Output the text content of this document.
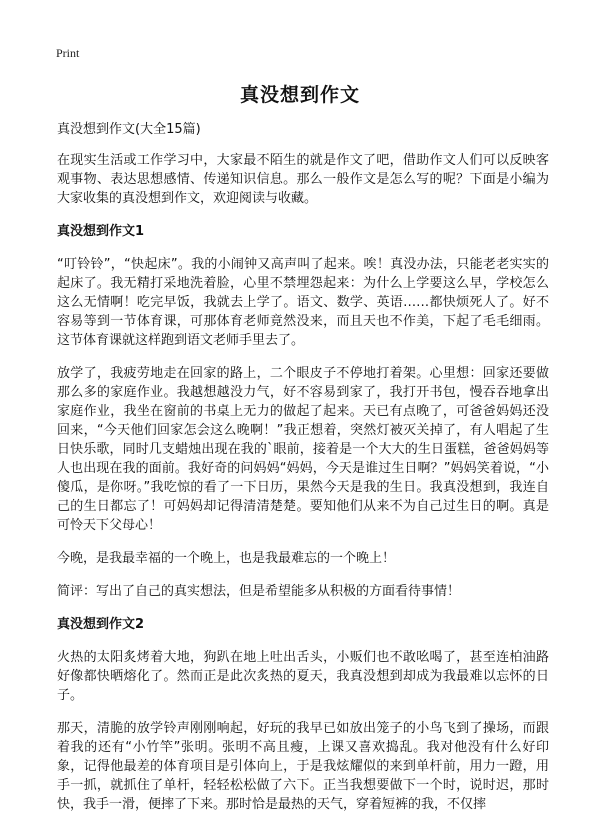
Print
真没想到作文

真没想到作文(大全15篇)

在现实生活或工作学习中，大家最不陌生的就是作文了吧，借助作文人们可以反映客观事物、表达思想感情、传递知识信息。那么一般作文是怎么写的呢？下面是小编为大家收集的真没想到作文，欢迎阅读与收藏。

真没想到作文1

“叮铃铃”，“快起床”。我的小闹钟又高声叫了起来。唉！真没办法，只能老老实实的起床了。我无精打采地洗着脸，心里不禁埋怨起来：为什么上学要这么早，学校怎么这么无情啊！吃完早饭，我就去上学了。语文、数学、英语……都快烦死人了。好不容易等到一节体育课，可那体育老师竟然没来，而且天也不作美，下起了毛毛细雨。这节体育课就这样跑到语文老师手里去了。

放学了，我疲劳地走在回家的路上，二个眼皮子不停地打着架。心里想：回家还要做那么多的家庭作业。我越想越没力气，好不容易到家了，我打开书包，慢吞吞地拿出家庭作业，我坐在窗前的书桌上无力的做起了起来。天已有点晚了，可爸爸妈妈还没回来，“今天他们回家怎会这么晚啊！”我正想着，突然灯被灭关掉了，有人唱起了生日快乐歌，同时几支蜡烛出现在我的`眼前，接着是一个大大的生日蛋糕，爸爸妈妈等人也出现在我的面前。我好奇的问妈妈“妈妈，今天是谁过生日啊？”妈妈笑着说，“小傻瓜，是你呀。”我吃惊的看了一下日历，果然今天是我的生日。我真没想到，我连自己的生日都忘了！可妈妈却记得清清楚楚。要知他们从来不为自己过生日的啊。真是可怜天下父母心！

今晚，是我最幸福的一个晚上，也是我最难忘的一个晚上！

简评：写出了自己的真实想法，但是希望能多从积极的方面看待事情！

真没想到作文2

火热的太阳炙烤着大地，狗趴在地上吐出舌头，小贩们也不敢吆喝了，甚至连柏油路好像都快晒熔化了。然而正是此次炙热的夏天，我真没想到却成为我最难以忘怀的日子。

那天，清脆的放学铃声刚刚响起，好玩的我早已如放出笼子的小鸟飞到了操场，而跟着我的还有“小竹竿”张明。张明不高且瘦，上课又喜欢捣乱。我对他没有什么好印象，记得他最差的体育项目是引体向上，于是我炫耀似的来到单杆前，用力一蹬，用手一抓，就抓住了单杆，轻轻松松做了六下。正当我想要做下一个时，说时迟，那时快，我手一滑，便摔了下来。那时恰是最热的天气，穿着短裤的我，不仅摔
